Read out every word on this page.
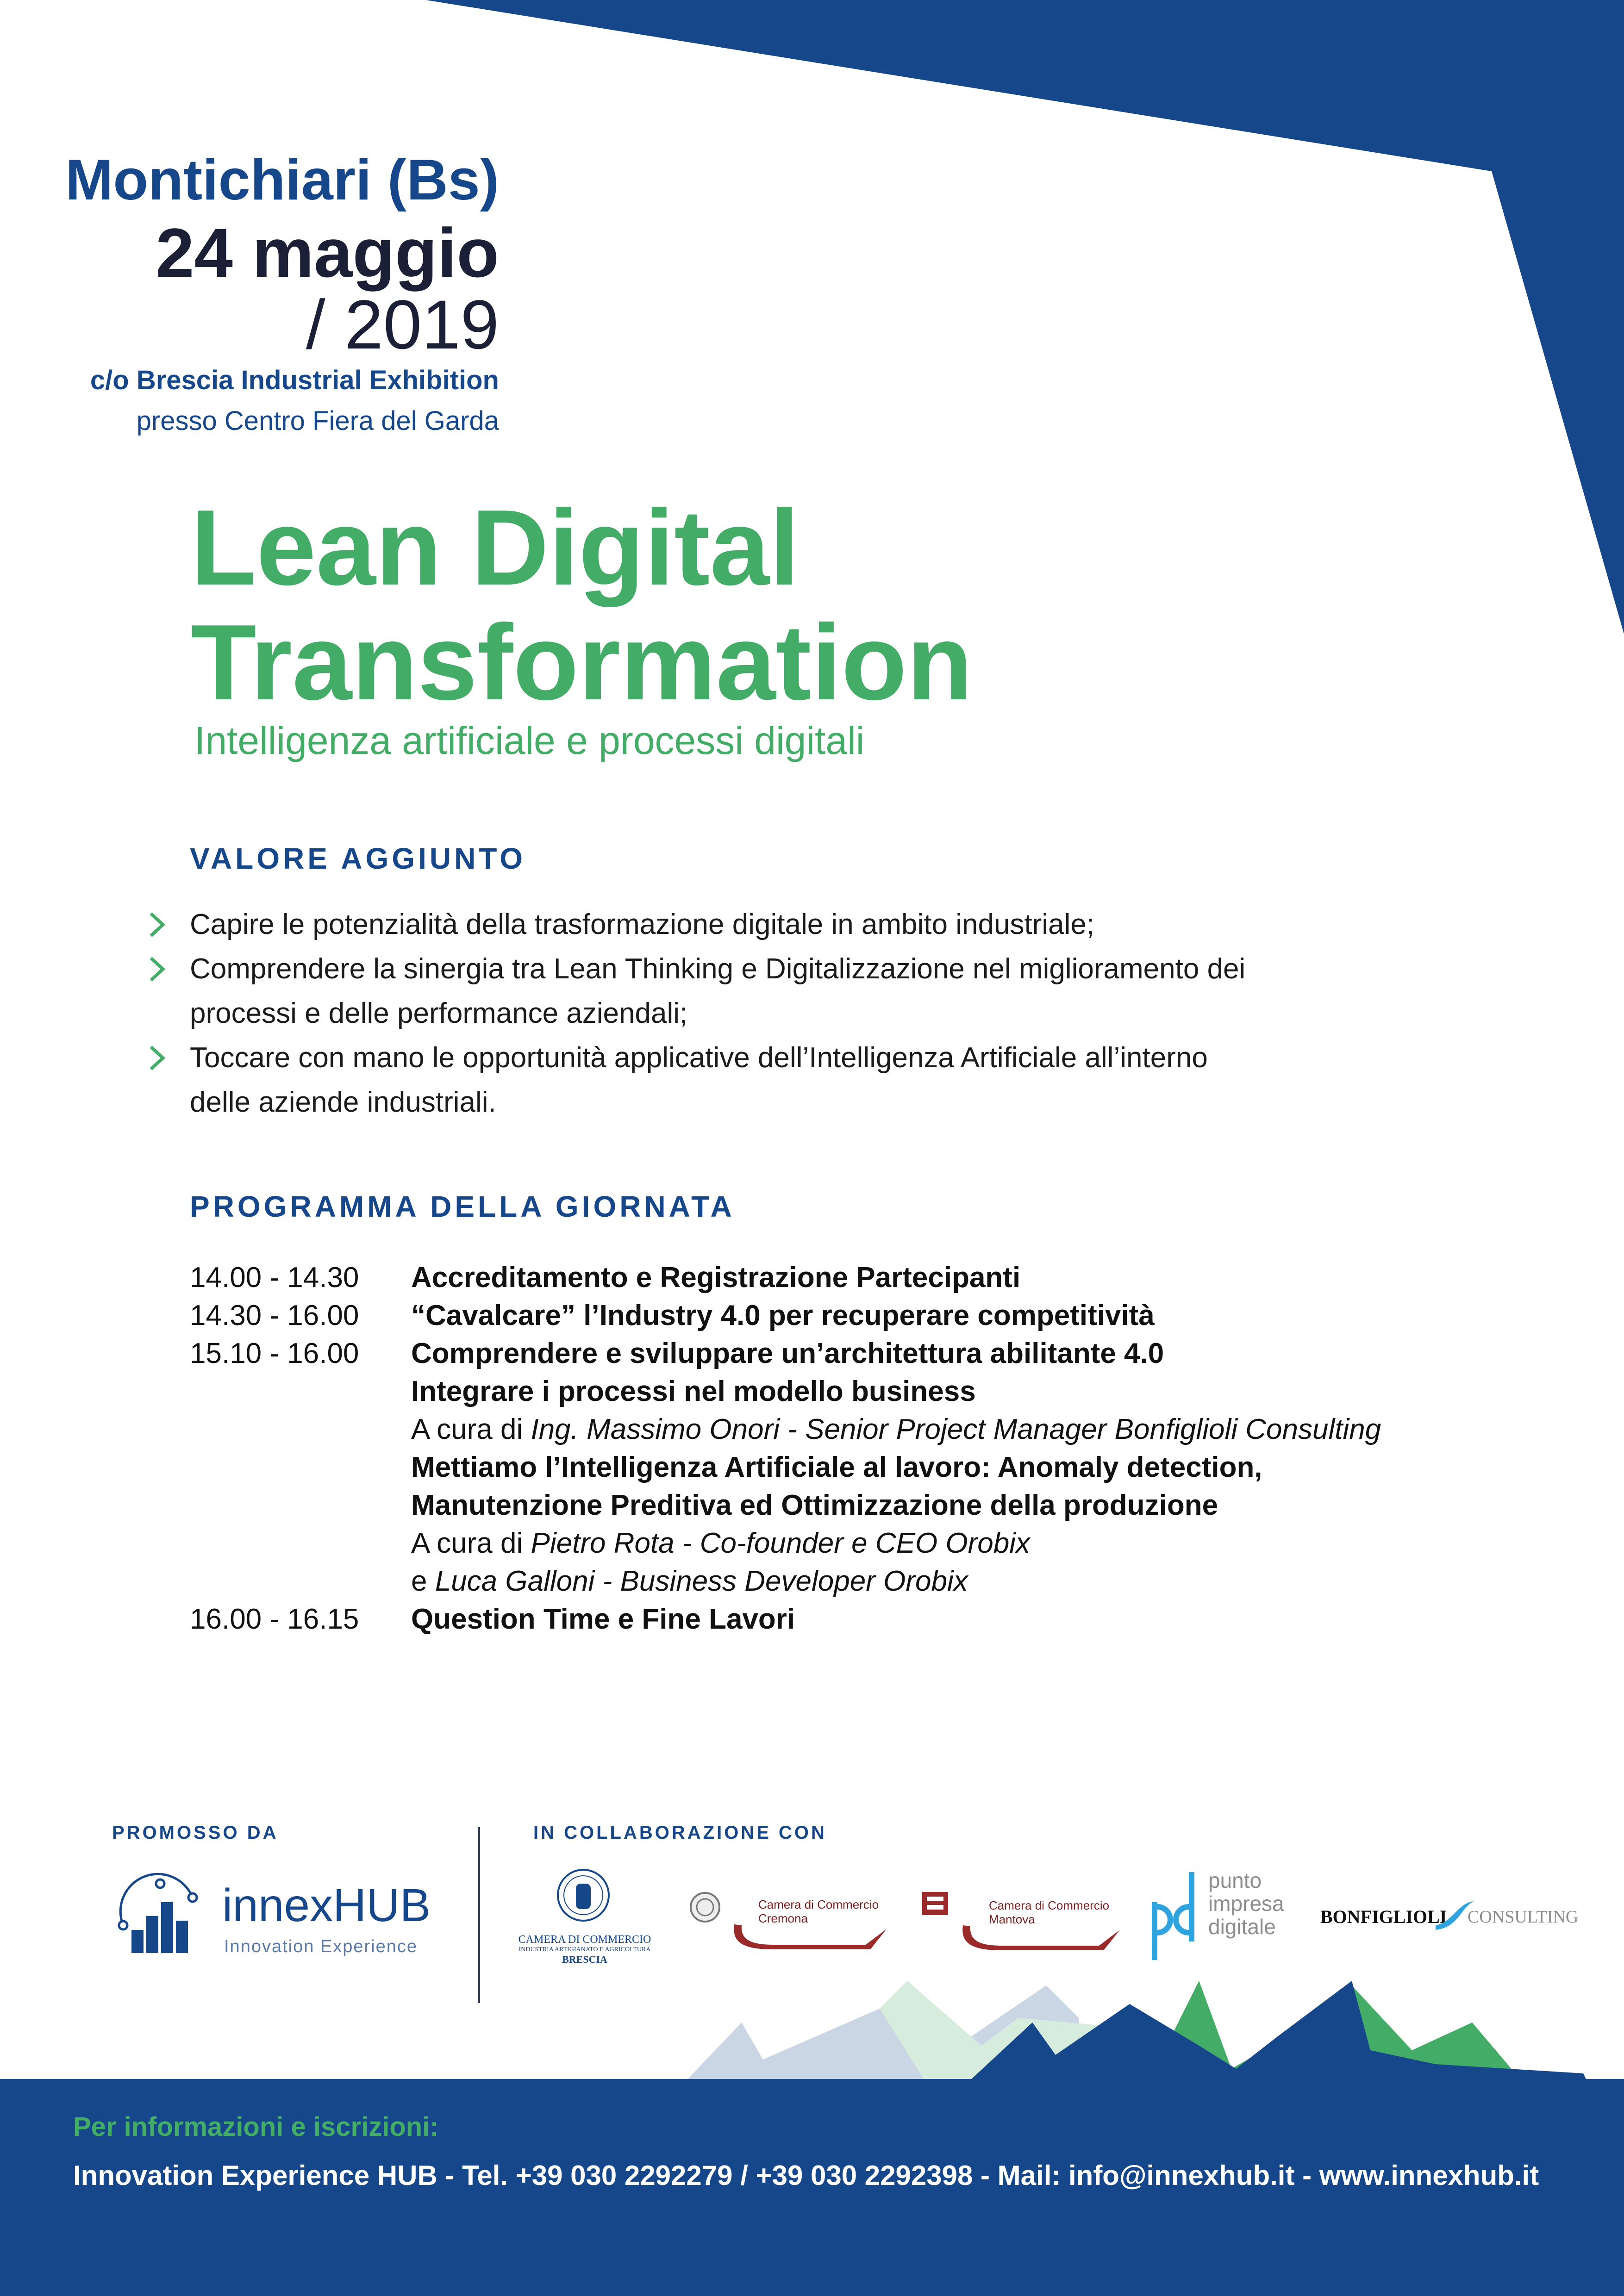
Montichiari (Bs)
24 maggio
/ 2019
c/o Brescia Industrial Exhibition
presso Centro Fiera del Garda
Lean Digital
Transformation
Intelligenza artificiale e processi digitali
VALORE AGGIUNTO
Capire le potenzialità della trasformazione digitale in ambito industriale;
Comprendere la sinergia tra Lean Thinking e Digitalizzazione nel miglioramento dei processi e delle performance aziendali;
Toccare con mano le opportunità applicative dell’Intelligenza Artificiale all’interno delle aziende industriali.
PROGRAMMA DELLA GIORNATA
14.00 - 14.30	Accreditamento e Registrazione Partecipanti
14.30 - 16.00	“Cavalcare” l’Industry 4.0 per recuperare competitività
15.10 - 16.00	Comprendere e sviluppare un’architettura abilitante 4.0
Integrare i processi nel modello business
A cura di Ing. Massimo Onori - Senior Project Manager Bonfiglioli Consulting
Mettiamo l’Intelligenza Artificiale al lavoro: Anomaly detection,
Manutenzione Preditiva ed Ottimizzazione della produzione
A cura di Pietro Rota - Co-founder e CEO Orobix
e Luca Galloni - Business Developer Orobix
16.00 - 16.15	Question Time e Fine Lavori
PROMOSSO DA	IN COLLABORAZIONE CON
innexHUB
Innovation Experience	CAMERA DI COMMERCIO
INDUSTRIA ARTIGIANATO E AGRICOLTURA
BRESCIA
Camera di Commercio
Cremona
Camera di Commercio
Mantova
punto
impresa
digitale	BONFIGLIOLI CONSULTING
Per informazioni e iscrizioni:
Innovation Experience HUB - Tel. +39 030 2292279 / +39 030 2292398 - Mail: info@innexhub.it - www.innexhub.it
